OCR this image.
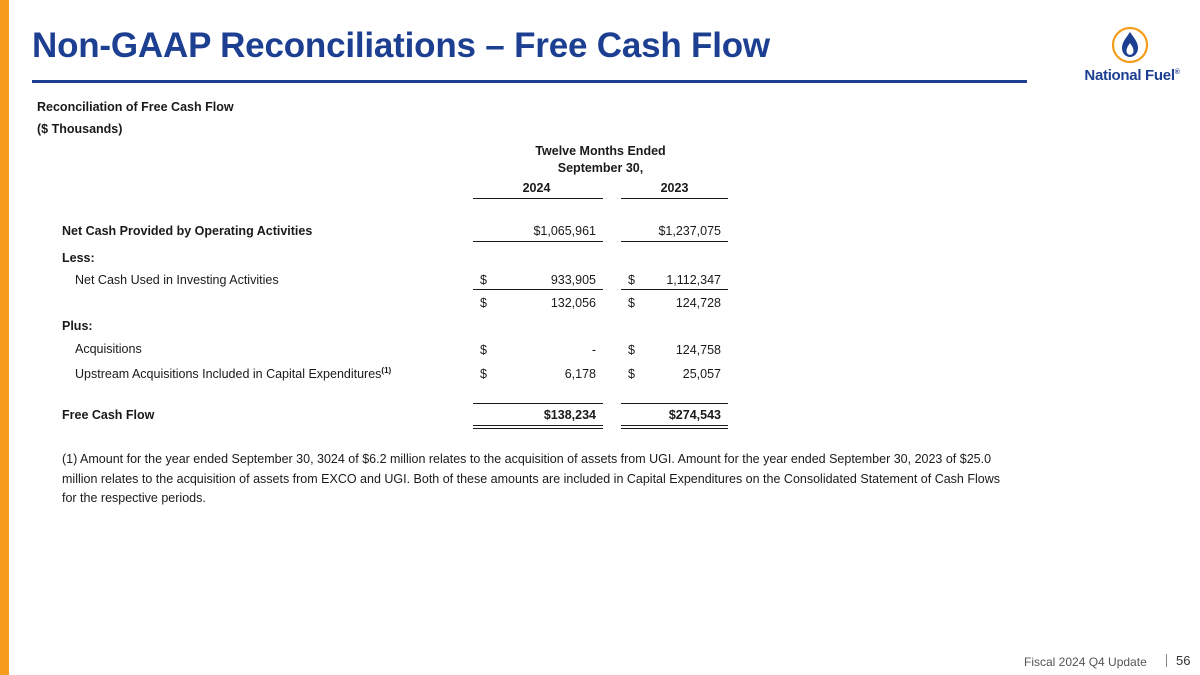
Non-GAAP Reconciliations – Free Cash Flow
National Fuel®
Reconciliation of Free Cash Flow
($ Thousands)
Twelve Months Ended
September 30,
2024	2023
Net Cash Provided by Operating Activities	$1,065,961	$1,237,075
Less:
Net Cash Used in Investing Activities	$	933,905	$	1,112,347
$	132,056	$	124,728
Plus:
Acquisitions	$	-	$	124,758
Upstream Acquisitions Included in Capital Expenditures$^{(1)}$	$	6,178	$	25,057
Free Cash Flow	$138,234	$274,543
(1) Amount for the year ended September 30, 3024 of $6.2 million relates to the acquisition of assets from UGI. Amount for the year ended September 30, 2023 of $25.0 million relates to the acquisition of assets from EXCO and UGI. Both of these amounts are included in Capital Expenditures on the Consolidated Statement of Cash Flows for the respective periods.
Fiscal 2024 Q4 Update 56
